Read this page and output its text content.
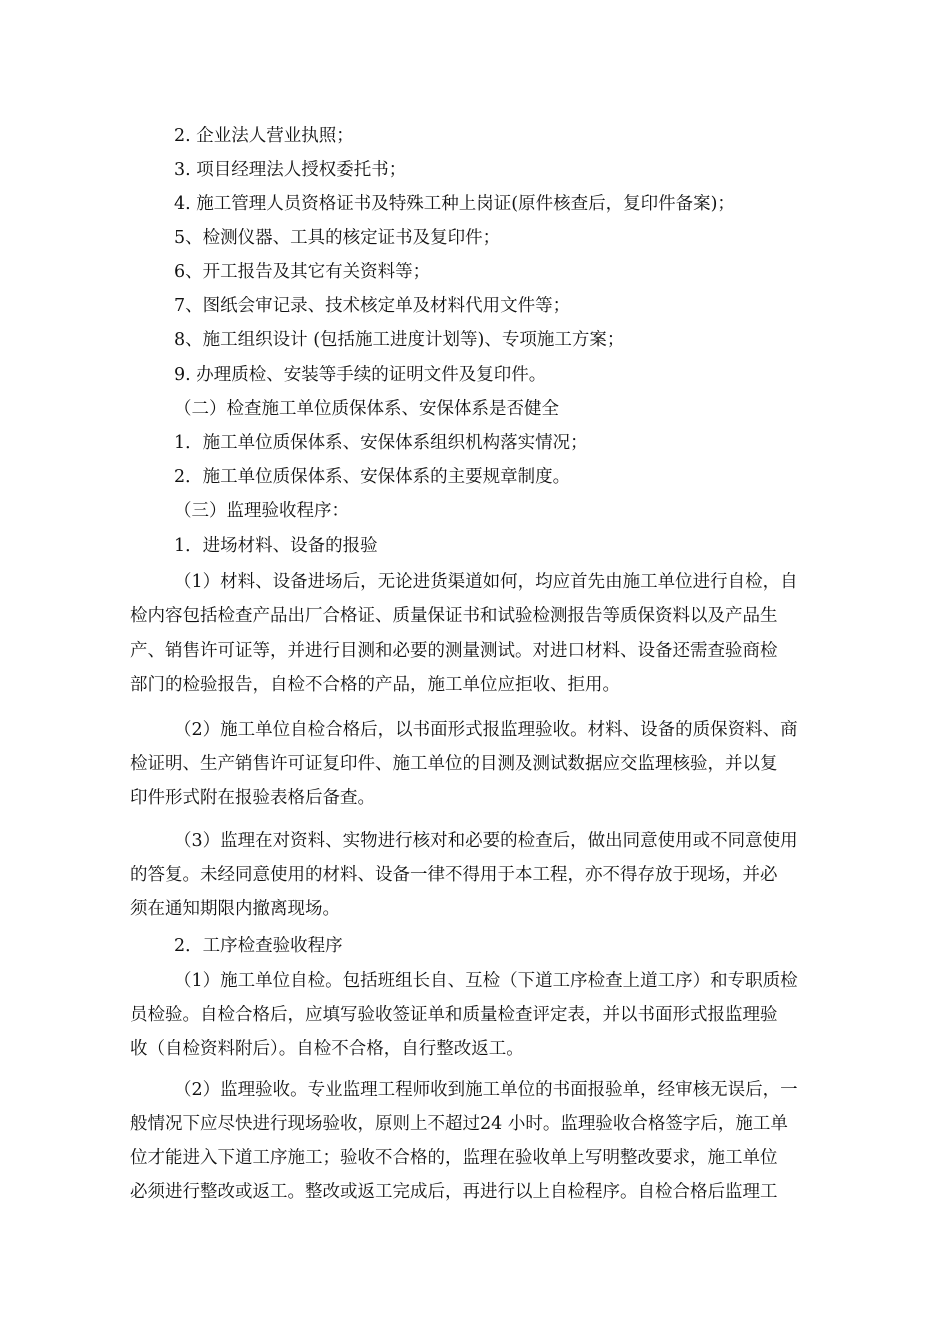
2. 企业法人营业执照；
3. 项目经理法人授权委托书；
4. 施工管理人员资格证书及特殊工种上岗证(原件核查后，复印件备案)；
5、检测仪器、工具的核定证书及复印件；
6、开工报告及其它有关资料等；
7、图纸会审记录、技术核定单及材料代用文件等；
8、施工组织设计 (包括施工进度计划等)、专项施工方案；
9. 办理质检、安装等手续的证明文件及复印件。
（二）检查施工单位质保体系、安保体系是否健全
1．施工单位质保体系、安保体系组织机构落实情况；
2．施工单位质保体系、安保体系的主要规章制度。
（三）监理验收程序：
1．进场材料、设备的报验
（1）材料、设备进场后，无论进货渠道如何，均应首先由施工单位进行自检，自
检内容包括检查产品出厂合格证、质量保证书和试验检测报告等质保资料以及产品生
产、销售许可证等，并进行目测和必要的测量测试。对进口材料、设备还需查验商检
部门的检验报告，自检不合格的产品，施工单位应拒收、拒用。
（2）施工单位自检合格后，以书面形式报监理验收。材料、设备的质保资料、商
检证明、生产销售许可证复印件、施工单位的目测及测试数据应交监理核验，并以复
印件形式附在报验表格后备查。
（3）监理在对资料、实物进行核对和必要的检查后，做出同意使用或不同意使用
的答复。未经同意使用的材料、设备一律不得用于本工程，亦不得存放于现场，并必
须在通知期限内撤离现场。
2．工序检查验收程序
（1）施工单位自检。包括班组长自、互检（下道工序检查上道工序）和专职质检
员检验。自检合格后，应填写验收签证单和质量检查评定表，并以书面形式报监理验
收（自检资料附后）。自检不合格，自行整改返工。
（2）监理验收。专业监理工程师收到施工单位的书面报验单，经审核无误后，一
般情况下应尽快进行现场验收，原则上不超过24 小时。监理验收合格签字后，施工单
位才能进入下道工序施工；验收不合格的，监理在验收单上写明整改要求，施工单位
必须进行整改或返工。整改或返工完成后，再进行以上自检程序。自检合格后监理工
